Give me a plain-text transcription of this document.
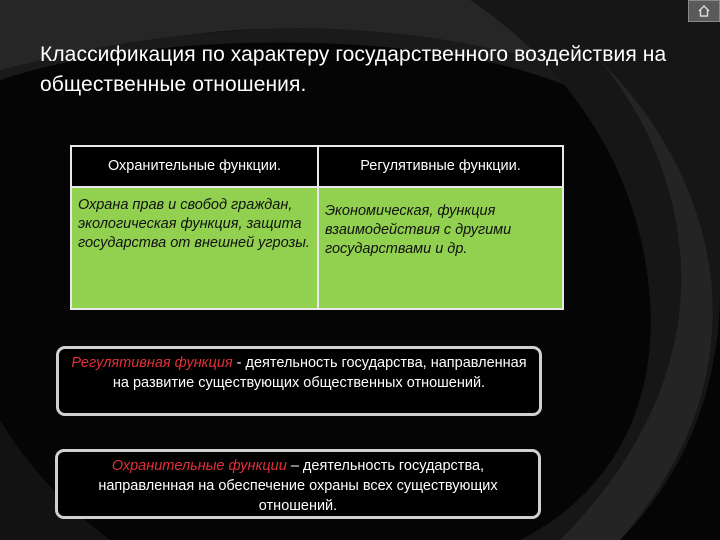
Классификация по характеру государственного воздействия на общественные отношения.
Охранительные функции.	Регулятивные функции.
Охрана прав и свобод граждан, экологическая функция, защита государства от внешней угрозы.
Экономическая, функция взаимодействия с другими государствами и др.
Регулятивная функция - деятельность государства, направленная на развитие существующих общественных отношений.
Охранительные функции – деятельность государства, направленная на обеспечение охраны всех существующих отношений.
